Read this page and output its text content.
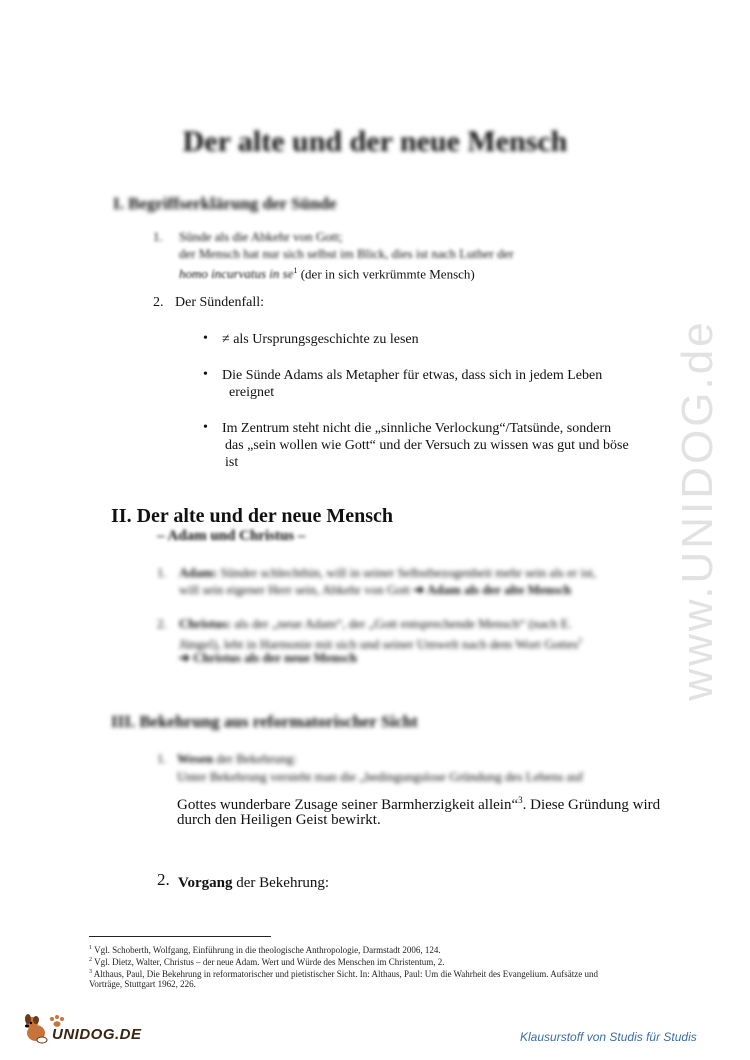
Der alte und der neue Mensch
I. Begriffserklärung der Sünde
1. Sünde als die Abkehr von Gott;
der Mensch hat nur sich selbst im Blick, dies ist nach Luther der
homo incurvatus in $se^1$ (der in sich verkrümmte Mensch)
2. Der Sündenfall:
• ≠ als Ursprungsgeschichte zu lesen
• Die Sünde Adams als Metapher für etwas, dass sich in jedem Leben
ereignet
• Im Zentrum steht nicht die „sinnliche Verlockung“/Tatsünde, sondern
das „sein wollen wie Gott“ und der Versuch zu wissen was gut und böse
ist
II. Der alte und der neue Mensch
– Adam und Christus –
1. Adam: Sünder schlechthin, will in seiner Selbstbezogenheit mehr sein als er ist,
will sein eigener Herr sein, Abkehr von Gott ➔ Adam als der alte Mensch
2. Christus: als der „neue Adam“, der „Gott entsprechende Mensch“ (nach E.
Jüngel), lebt in Harmonie mit sich und seiner Umwelt nach dem Wort Gottes$^2$
➔ Christus als der neue Mensch
III. Bekehrung aus reformatorischer Sicht
1. Wesen der Bekehrung:
Unter Bekehrung versteht man die „bedingungslose Gründung des Lebens auf
Gottes wunderbare Zusage seiner Barmherzigkeit allein“$^3$. Diese Gründung wird
durch den Heiligen Geist bewirkt.
2. Vorgang der Bekehrung:
$^1$ Vgl. Schoberth, Wolfgang, Einführung in die theologische Anthropologie, Darmstadt 2006, 124.
$^2$ Vgl. Dietz, Walter, Christus – der neue Adam. Wert und Würde des Menschen im Christentum, 2.
$^3$ Althaus, Paul, Die Bekehrung in reformatorischer und pietistischer Sicht. In: Althaus, Paul: Um die Wahrheit des Evangelium. Aufsätze und
Vorträge, Stuttgart 1962, 226.
www.UNIDOG.de
UNIDOG.DE	Klausurstoff von Studis für Studis
